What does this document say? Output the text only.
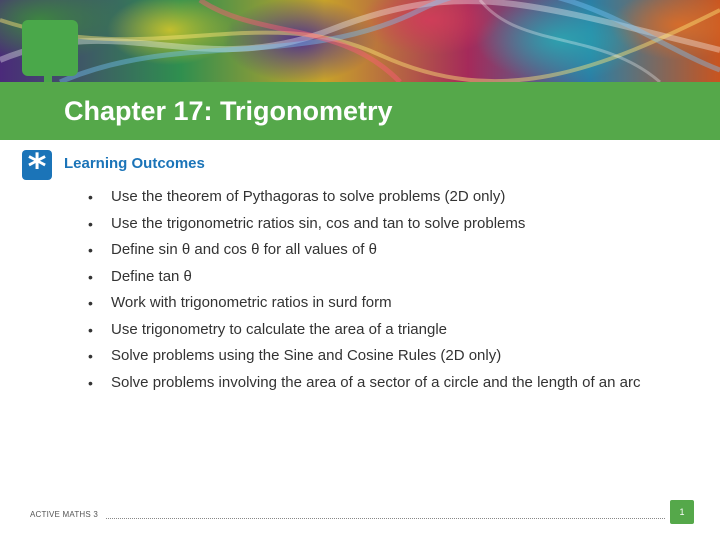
Chapter 17: Trigonometry
*	Learning Outcomes
• Use the theorem of Pythagoras to solve problems (2D only)
• Use the trigonometric ratios sin, cos and tan to solve problems
• Define sin θ and cos θ for all values of θ
• Define tan θ
• Work with trigonometric ratios in surd form
• Use trigonometry to calculate the area of a triangle
• Solve problems using the Sine and Cosine Rules (2D only)
• Solve problems involving the area of a sector of a circle and the length of an arc
ACTIVE MATHS 3	1
